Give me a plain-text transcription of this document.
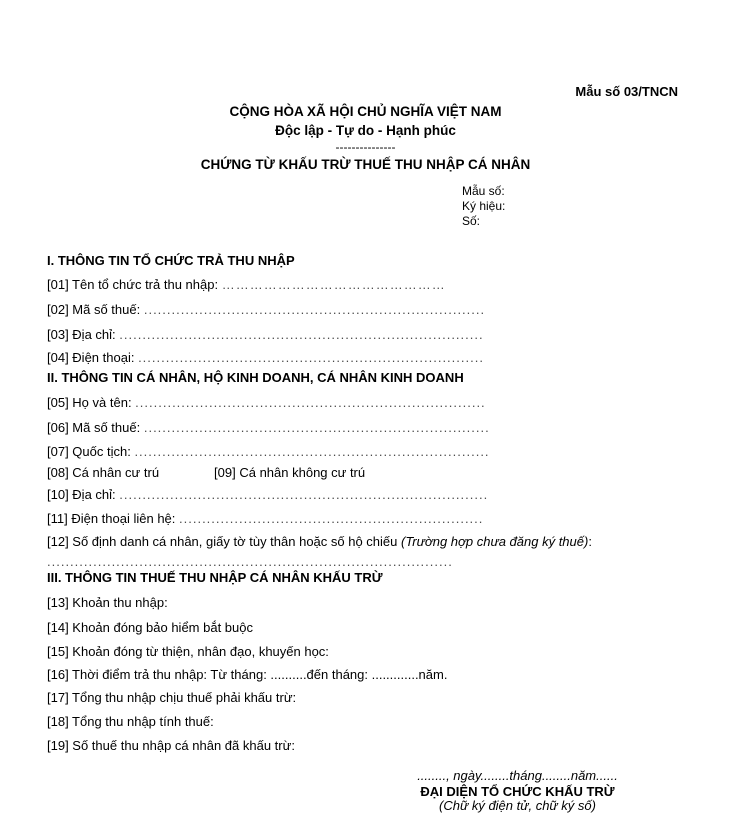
Mẫu số 03/TNCN
CỘNG HÒA XÃ HỘI CHỦ NGHĨA VIỆT NAM
Độc lập - Tự do - Hạnh phúc
---------------
CHỨNG TỪ KHẤU TRỪ THUẾ THU NHẬP CÁ NHÂN
Mẫu số:
Ký hiệu:
Số:
I. THÔNG TIN TỔ CHỨC TRẢ THU NHẬP
[01] Tên tổ chức trả thu nhập: …………………………………………
[02] Mã số thuế: ..........................................................................
[03] Địa chỉ: ...............................................................................
[04] Điện thoại: ...........................................................................
II. THÔNG TIN CÁ NHÂN, HỘ KINH DOANH, CÁ NHÂN KINH DOANH
[05] Họ và tên: ............................................................................
[06] Mã số thuế: ...........................................................................
[07] Quốc tịch: .............................................................................
[08] Cá nhân cư trú	[09] Cá nhân không cư trú
[10] Địa chỉ: ................................................................................
[11] Điện thoại liên hệ: ..................................................................
[12] Số định danh cá nhân, giấy tờ tùy thân hoặc số hộ chiếu (Trường hợp chưa đăng ký thuế):
........................................................................................
III. THÔNG TIN THUẾ THU NHẬP CÁ NHÂN KHẤU TRỪ
[13] Khoản thu nhập:
[14] Khoản đóng bảo hiểm bắt buộc
[15] Khoản đóng từ thiện, nhân đạo, khuyến học:
[16] Thời điểm trả thu nhập: Từ tháng: ..........đến tháng: .............năm.
[17] Tổng thu nhập chịu thuế phải khấu trừ:
[18] Tổng thu nhập tính thuế:
[19] Số thuế thu nhập cá nhân đã khấu trừ:
........, ngày........tháng........năm......
ĐẠI DIỆN TỔ CHỨC KHẤU TRỪ
(Chữ ký điện tử, chữ ký số)
